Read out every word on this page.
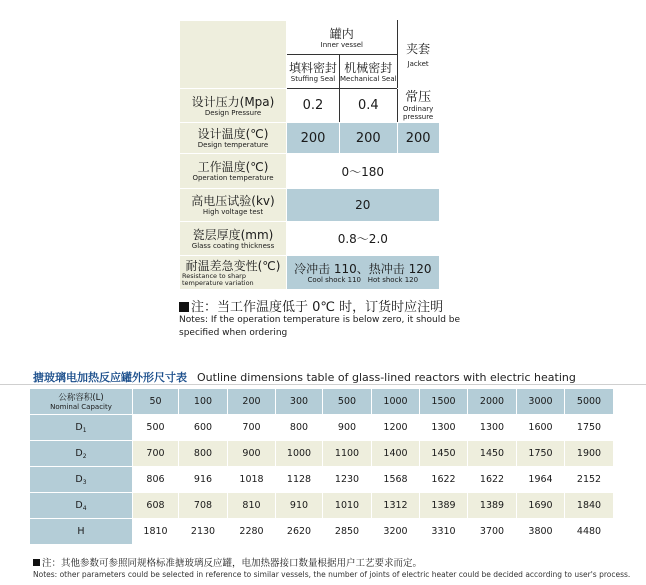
	罐内
Inner vessel		夹套
Jacket

	填料密封
Stuffing Seal	机械密封
Mechanical Seal	

设计压力(Mpa)
Design Pressure	0.2	0.4	常压
Ordinary pressure

设计温度(℃)
Design temperature	200	200	200

工作温度(℃)
Operation temperature	0～180		

高电压试验(kv)
High voltage test	20		

瓷层厚度(mm)
Glass coating thickness	0.8～2.0		

耐温差急变性(℃)
Resistance to sharp temperature variation	冷冲击 110、热冲击 120
Cool shock 110 Hot shock 120		
注：当工作温度低于 0℃ 时，订货时应注明
Notes: If the operation temperature is below zero, it should be specified when ordering
搪玻璃电加热反应罐外形尺寸表 Outline dimensions table of glass-lined reactors with electric heating
公称容积(L)
Nominal Capacity	50	100	200	300	500	1000	1500	2000	3000	5000
$D_1$	500	600	700	800	900	1200	1300	1300	1600	1750
$D_2$	700	800	900	1000	1100	1400	1450	1450	1750	1900
$D_3$	806	916	1018	1128	1230	1568	1622	1622	1964	2152
$D_4$	608	708	810	910	1010	1312	1389	1389	1690	1840
H	1810	2130	2280	2620	2850	3200	3310	3700	3800	4480
注：其他参数可参照同规格标准搪玻璃反应罐，电加热器接口数量根据用户工艺要求而定。
Notes: other parameters could be selected in reference to similar vessels, the number of joints of electric heater could be decided according to user's process.
